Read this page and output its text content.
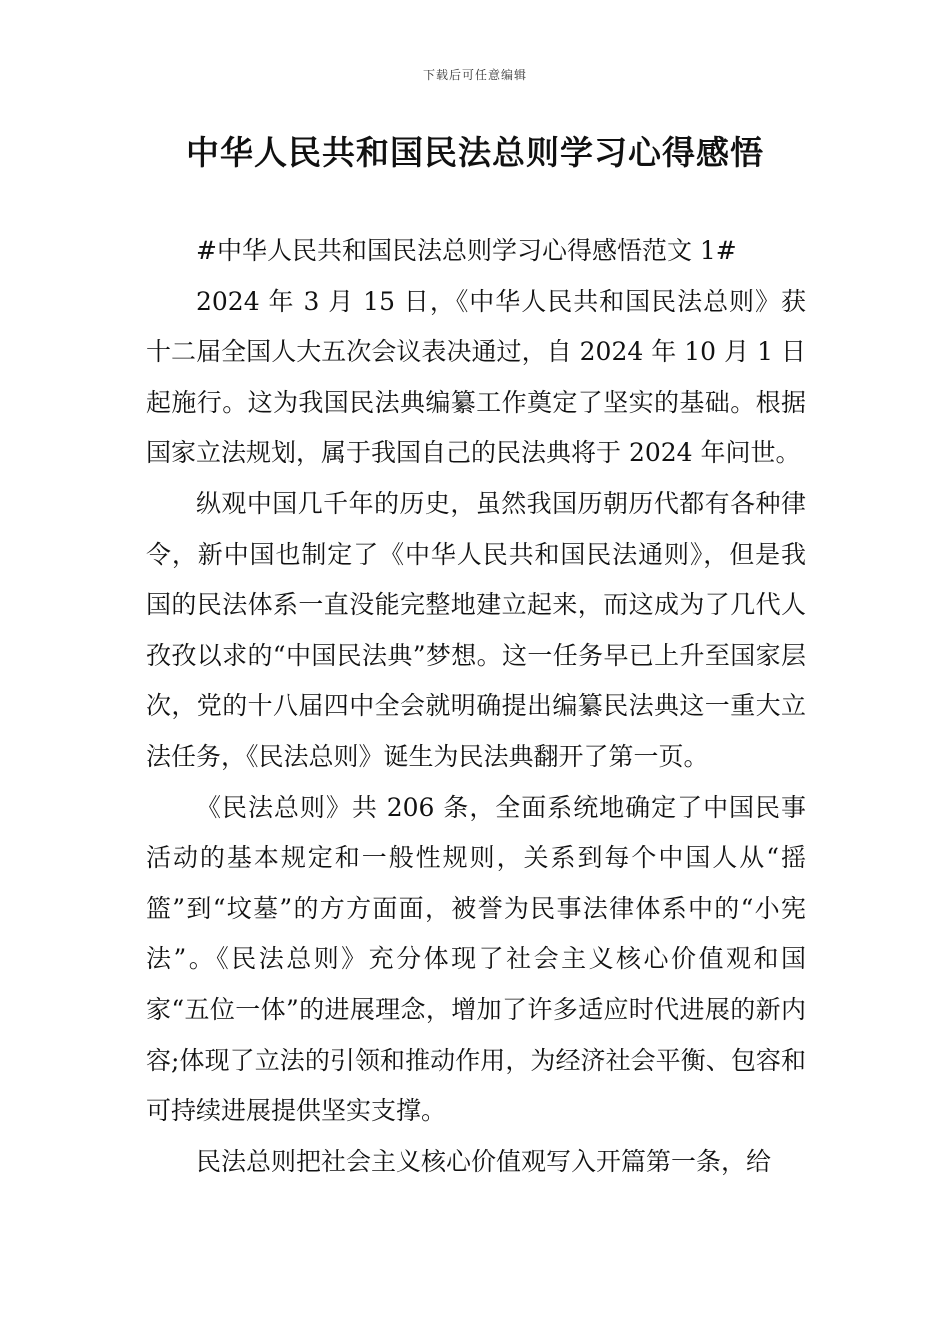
下载后可任意编辑
中华人民共和国民法总则学习心得感悟

#中华人民共和国民法总则学习心得感悟范文 1#

2024 年 3 月 15 日，《中华人民共和国民法总则》获十二届全国人大五次会议表决通过，自 2024 年 10 月 1 日起施行。这为我国民法典编纂工作奠定了坚实的基础。根据国家立法规划，属于我国自己的民法典将于 2024 年问世。

纵观中国几千年的历史，虽然我国历朝历代都有各种律令，新中国也制定了《中华人民共和国民法通则》，但是我国的民法体系一直没能完整地建立起来，而这成为了几代人孜孜以求的“中国民法典”梦想。这一任务早已上升至国家层次，党的十八届四中全会就明确提出编纂民法典这一重大立法任务，《民法总则》诞生为民法典翻开了第一页。

《民法总则》共 206 条，全面系统地确定了中国民事活动的基本规定和一般性规则，关系到每个中国人从“摇篮”到“坟墓”的方方面面，被誉为民事法律体系中的“小宪法”。《民法总则》充分体现了社会主义核心价值观和国家“五位一体”的进展理念，增加了许多适应时代进展的新内容;体现了立法的引领和推动作用，为经济社会平衡、包容和可持续进展提供坚实支撑。

民法总则把社会主义核心价值观写入开篇第一条，给
